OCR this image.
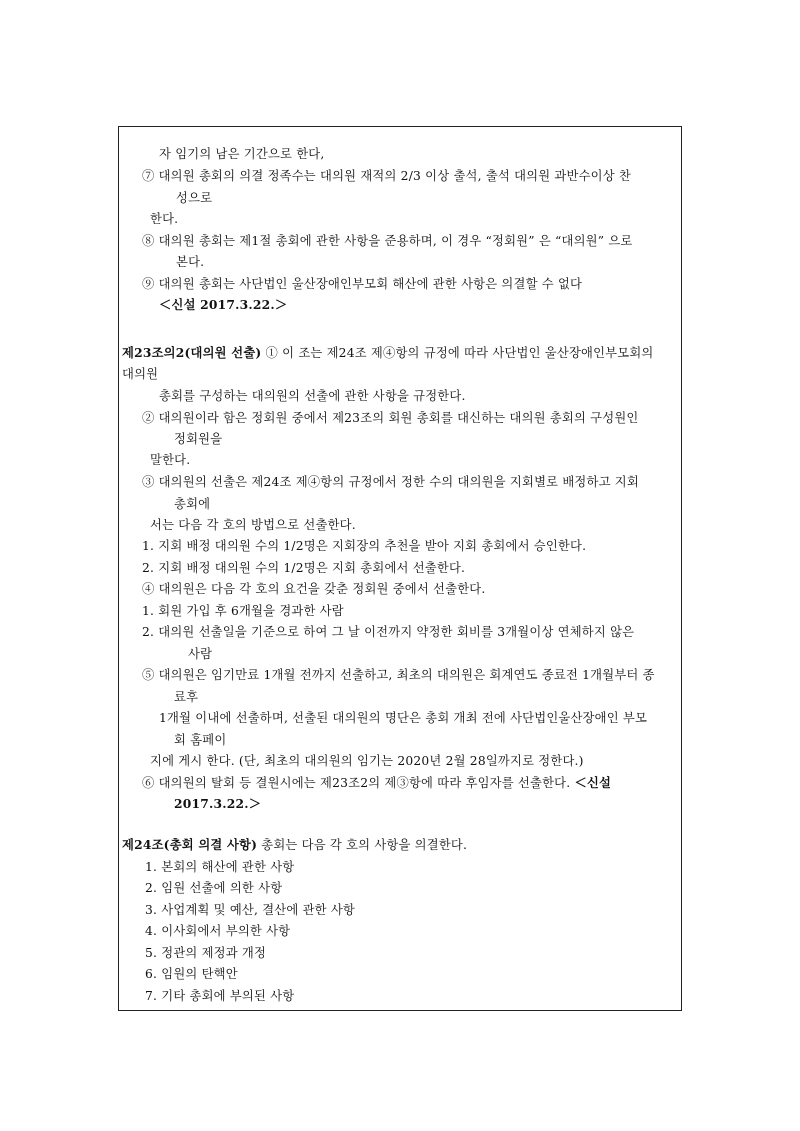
자 임기의 남은 기간으로 한다,
⑦ 대의원 총회의 의결 정족수는 대의원 재적의 2/3 이상 출석, 출석 대의원 과반수이상 찬
성으로
한다.
⑧ 대의원 총회는 제1절 총회에 관한 사항을 준용하며, 이 경우 “정회원” 은 “대의원” 으로
본다.
⑨ 대의원 총회는 사단법인 울산장애인부모회 해산에 관한 사항은 의결할 수 없다
＜신설 2017.3.22.＞
제23조의2(대의원 선출) ① 이 조는 제24조 제④항의 규정에 따라 사단법인 울산장애인부모회의
대의원
총회를 구성하는 대의원의 선출에 관한 사항을 규정한다.
② 대의원이라 함은 정회원 중에서 제23조의 회원 총회를 대신하는 대의원 총회의 구성원인
정회원을
말한다.
③ 대의원의 선출은 제24조 제④항의 규정에서 정한 수의 대의원을 지회별로 배정하고 지회
총회에
서는 다음 각 호의 방법으로 선출한다.
1. 지회 배정 대의원 수의 1/2명은 지회장의 추천을 받아 지회 총회에서 승인한다.
2. 지회 배정 대의원 수의 1/2명은 지회 총회에서 선출한다.
④ 대의원은 다음 각 호의 요건을 갖춘 정회원 중에서 선출한다.
1. 회원 가입 후 6개월을 경과한 사람
2. 대의원 선출일을 기준으로 하여 그 날 이전까지 약정한 회비를 3개월이상 연체하지 않은
사람
⑤ 대의원은 임기만료 1개월 전까지 선출하고, 최초의 대의원은 회계연도 종료전 1개월부터 종
료후
1개월 이내에 선출하며, 선출된 대의원의 명단은 총회 개최 전에 사단법인울산장애인 부모
회 홈페이
지에 게시 한다. (단, 최초의 대의원의 임기는 2020년 2월 28일까지로 정한다.)
⑥ 대의원의 탈회 등 결원시에는 제23조2의 제③항에 따라 후임자를 선출한다. ＜신설
2017.3.22.＞
제24조(총회 의결 사항) 총회는 다음 각 호의 사항을 의결한다.
1. 본회의 해산에 관한 사항
2. 임원 선출에 의한 사항
3. 사업계획 및 예산, 결산에 관한 사항
4. 이사회에서 부의한 사항
5. 정관의 제정과 개정
6. 임원의 탄핵안
7. 기타 총회에 부의된 사항
